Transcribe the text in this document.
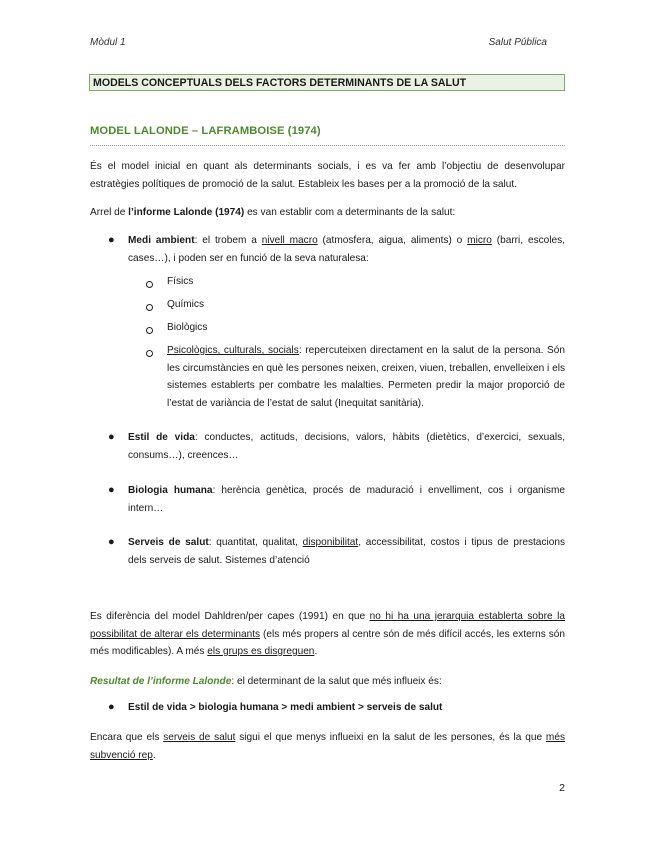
Mòdul 1	Salut Pública
MODELS CONCEPTUALS DELS FACTORS DETERMINANTS DE LA SALUT
MODEL LALONDE – LAFRAMBOISE (1974)
És el model inicial en quant als determinants socials, i es va fer amb l’objectiu de desenvolupar estratègies polítiques de promoció de la salut. Estableix les bases per a la promoció de la salut.
Arrel de l’informe Lalonde (1974) es van establir com a determinants de la salut:
● Medi ambient: el trobem a nivell macro (atmosfera, aigua, aliments) o micro (barri, escoles, cases…), i poden ser en funció de la seva naturalesa:
Físics
Químics
Biològics
Psicològics, culturals, socials: repercuteixen directament en la salut de la persona. Són les circumstàncies en què les persones neixen, creixen, viuen, treballen, envelleixen i els sistemes establerts per combatre les malalties. Permeten predir la major proporció de l’estat de variància de l’estat de salut (Inequitat sanitària).
● Estil de vida: conductes, actituds, decisions, valors, hàbits (dietètics, d’exercici, sexuals, consums…), creences…
● Biologia humana: herència genètica, procés de maduració i envelliment, cos i organisme intern…
● Serveis de salut: quantitat, qualitat, disponibilitat, accessibilitat, costos i tipus de prestacions dels serveis de salut. Sistemes d’atenció
Es diferència del model Dahldren/per capes (1991) en que no hi ha una jerarquia establerta sobre la possibilitat de alterar els determinants (els més propers al centre són de més difícil accés, les externs són més modificables). A més els grups es disgreguen.
Resultat de l’informe Lalonde: el determinant de la salut que més influeix és:
● Estil de vida > biologia humana > medi ambient > serveis de salut
Encara que els serveis de salut sigui el que menys influeixi en la salut de les persones, és la que més subvenció rep.
2
